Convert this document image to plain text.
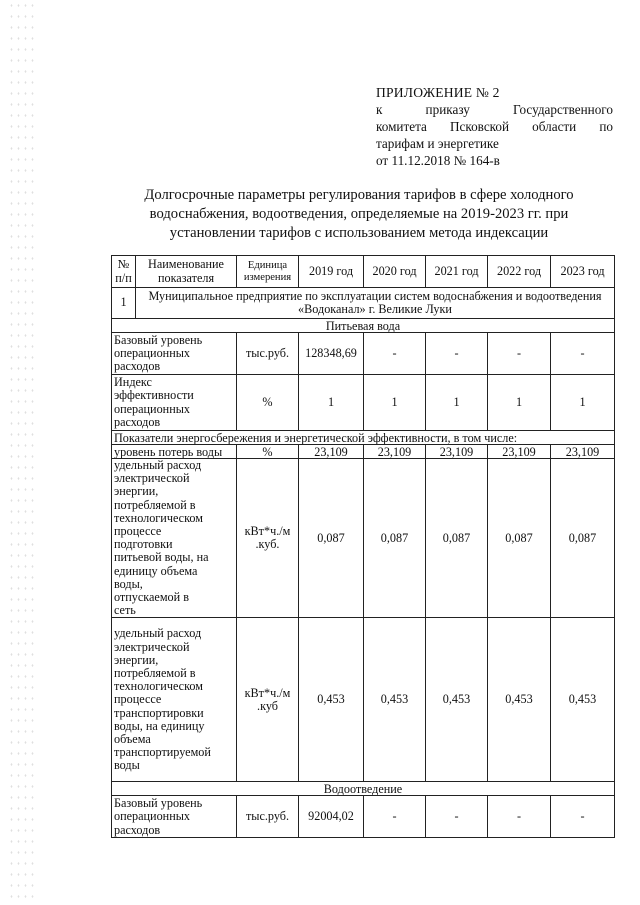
ПРИЛОЖЕНИЕ № 2
к приказу Государственного
комитета Псковской области по
тарифам и энергетике
от 11.12.2018 № 164-в
Долгосрочные параметры регулирования тарифов в сфере холодного
водоснабжения, водоотведения, определяемые на 2019-2023 гг. при
установлении тарифов с использованием метода индексации
№ п/п	Наименование показателя	Единица измерения	2019 год	2020 год	2021 год	2022 год	2023 год
1	Муниципальное предприятие по эксплуатации систем водоснабжения и водоотведения «Водоканал» г. Великие Луки						
Питьевая вода							
Базовый уровень операционных расходов		тыс.руб.	128348,69	-	-	-	-
Индекс эффективности операционных расходов		%	1	1	1	1	1
Показатели энергосбережения и энергетической эффективности, в том числе:							
уровень потерь воды		%	23,109	23,109	23,109	23,109	23,109
удельный расход электрической энергии, потребляемой в технологическом процессе подготовки питьевой воды, на единицу объема воды, отпускаемой в сеть		кВт*ч./м .куб.	0,087	0,087	0,087	0,087	0,087
удельный расход электрической энергии, потребляемой в технологическом процессе транспортировки воды, на единицу объема транспортируемой воды		кВт*ч./м .куб	0,453	0,453	0,453	0,453	0,453
Водоотведение							
Базовый уровень операционных расходов		тыс.руб.	92004,02	-	-	-	-
